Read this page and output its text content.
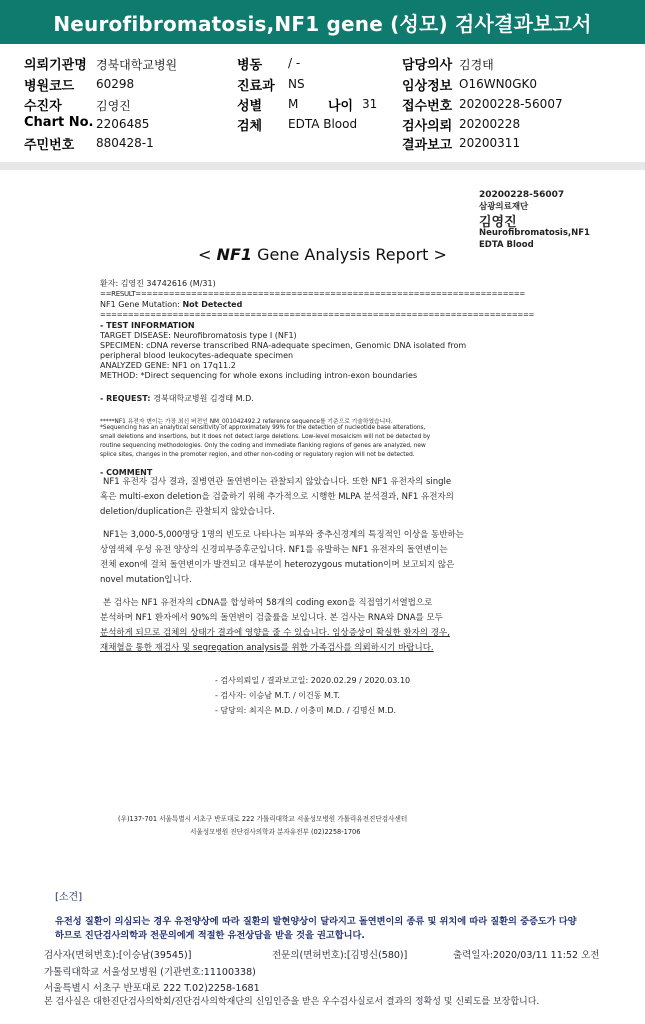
Neurofibromatosis,NF1 gene (성모) 검사결과보고서
의뢰기관명 경북대학교병원
병원코드 60298
수진자	김영진
Chart No. 2206485
주민번호 880428-1
병동 / -
진료과 NS
성별 M 나이 31
검체 EDTA Blood
담당의사 김경태
임상정보 O16WN0GK0
접수번호 20200228-56007
검사의뢰 20200228
결과보고 20200311
20200228-56007
삼광의료재단
김영진
Neurofibromatosis,NF1
EDTA Blood
< NF1 Gene Analysis Report >
환자: 김영진 34742616 (M/31)
==RESULT======================================================================
NF1 Gene Mutation: Not Detected
==============================================================================
- TEST INFORMATION
TARGET DISEASE: Neurofibromatosis type I (NF1)
SPECIMEN: cDNA reverse transcribed RNA-adequate specimen, Genomic DNA isolated from
peripheral blood leukocytes-adequate specimen
ANALYZED GENE: NF1 on 17q11.2
METHOD: *Direct sequencing for whole exons including intron-exon boundaries
- REQUEST: 경북대학교병원 김경태 M.D.
*****NF1 유전자 변이는 가장 최신 버전인 NM_001042492.2 reference sequence를 기준으로 기술하였습니다.
*Sequencing has an analytical sensitivity of approximately 99% for the detection of nucleotide base alterations,
small deletions and insertions, but it does not detect large deletions. Low-level mosaicism will not be detected by
routine sequencing methodologies. Only the coding and immediate flanking regions of genes are analyzed, new
splice sites, changes in the promoter region, and other non-coding or regulatory region will not be detected.
- COMMENT
NF1 유전자 검사 결과, 질병연관 돌연변이는 관찰되지 않았습니다. 또한 NF1 유전자의 single
혹은 multi-exon deletion을 검출하기 위해 추가적으로 시행한 MLPA 분석결과, NF1 유전자의
deletion/duplication은 관찰되지 않았습니다.
NF1는 3,000-5,000명당 1명의 빈도로 나타나는 피부와 중추신경계의 특징적인 이상을 동반하는
상염색체 우성 유전 양상의 신경피부증후군입니다. NF1를 유발하는 NF1 유전자의 돌연변이는
전체 exon에 걸쳐 돌연변이가 발견되고 대부분이 heterozygous mutation이며 보고되지 않은
novel mutation입니다.
본 검사는 NF1 유전자의 cDNA를 합성하여 58개의 coding exon을 직접염기서열법으로
분석하며 NF1 환자에서 90%의 돌연변이 검출률을 보입니다. 본 검사는 RNA와 DNA를 모두
분석하게 되므로 검체의 상태가 결과에 영향을 줄 수 있습니다. 임상증상이 확실한 환자의 경우,
재채혈을 통한 재검사 및 segregation analysis를 위한 가족검사를 의뢰하시기 바랍니다.
- 검사의뢰일 / 결과보고일: 2020.02.29 / 2020.03.10
- 검사자: 이승남 M.T. / 이건동 M.T.
- 담당의: 최지은 M.D. / 이충미 M.D. / 김명신 M.D.
(우)137-701 서울특별시 서초구 반포대로 222 가톨릭대학교 서울성모병원 가톨릭유전진단검사센터
서울성모병원 진단검사의학과 분자유전부 (02)2258-1706
[소견]
유전성 질환이 의심되는 경우 유전양상에 따라 질환의 발현양상이 달라지고 돌연변이의 종류 및 위치에 따라 질환의 중증도가 다양
하므로 진단검사의학과 전문의에게 적절한 유전상담을 받을 것을 권고합니다.
검사자(면허번호):[이승남(39545)]	전문의(면허번호):[김명신(580)]	출력일자:2020/03/11 11:52 오전
가톨릭대학교 서울성모병원 (기관번호:11100338)
서울특별시 서초구 반포대로 222 T.02)2258-1681
본 검사실은 대한진단검사의학회/진단검사의학재단의 신임인증을 받은 우수검사실로서 결과의 정확성 및 신뢰도를 보장합니다.
